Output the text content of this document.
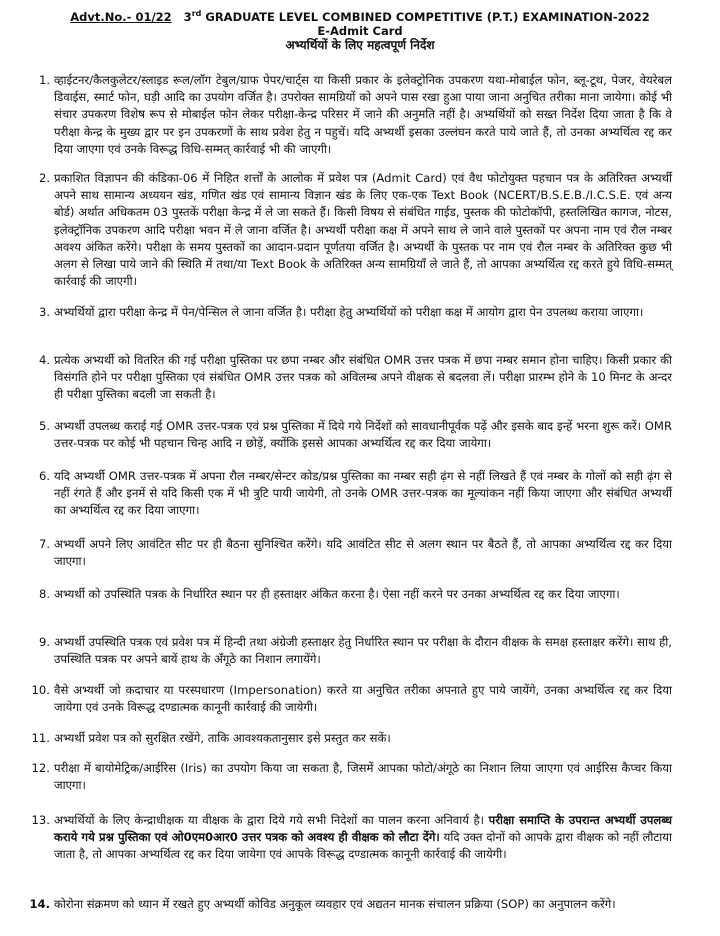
Advt.No.- 01/22 3rd GRADUATE LEVEL COMBINED COMPETITIVE (P.T.) EXAMINATION-2022
E-Admit Card
अभ्यर्थियों के लिए महत्वपूर्ण निर्देश
1. व्हाईटनर/कैलकुलेटर/स्लाइड रूल/लॉग टेबुल/ग्राफ पेपर/चार्ट्स या किसी प्रकार के इलेक्ट्रोनिक उपकरण यथा-मोबाईल फोन, ब्लू-टूथ, पेजर, वेयरेबल डिवाईस, स्मार्ट फोन, घड़ी आदि का उपयोग वर्जित है। उपरोक्त सामग्रियों को अपने पास रखा हुआ पाया जाना अनुचित तरीका माना जायेगा। कोई भी संचार उपकरण विशेष रूप से मोबाईल फोन लेकर परीक्षा-केन्द्र परिसर में जाने की अनुमति नहीं है। अभ्यर्थियों को सख्त निर्देश दिया जाता है कि वे परीक्षा केन्द्र के मुख्य द्वार पर इन उपकरणों के साथ प्रवेश हेतु न पहुचें। यदि अभ्यर्थी इसका उल्लंघन करते पाये जाते हैं, तो उनका अभ्यर्थित्व रद्द कर दिया जाएगा एवं उनके विरूद्ध विधि-सम्मत् कार्रवाई भी की जाएगी।
2. प्रकाशित विज्ञापन की कंडिका-06 में निहित शर्त्तों के आलोक में प्रवेश पत्र (Admit Card) एवं वैध फोटोयुक्त पहचान पत्र के अतिरिक्त अभ्यर्थी अपने साथ सामान्य अध्ययन खंड, गणित खंड एवं सामान्य विज्ञान खंड के लिए एक-एक Text Book (NCERT/B.S.E.B./I.C.S.E. एवं अन्य बोर्ड) अर्थात अधिकतम 03 पुस्तकें परीक्षा केन्द्र में ले जा सकते हैं। किसी विषय से संबंधित गाईड, पुस्तक की फोटोकॉपी, हस्तलिखित कागज, नोटस, इलेक्ट्रॉनिक उपकरण आदि परीक्षा भवन में ले जाना वर्जित है। अभ्यर्थी परीक्षा कक्ष में अपने साथ ले जाने वाले पुस्तकों पर अपना नाम एवं रौल नम्बर अवश्य अंकित करेंगे। परीक्षा के समय पुस्तकों का आदान-प्रदान पूर्णतया वर्जित है। अभ्यर्थी के पुस्तक पर नाम एवं रौल नम्बर के अतिरिक्त कुछ भी अलग से लिखा पाये जाने की स्थिति में तथा/या Text Book के अतिरिक्त अन्य सामग्रियाँ ले जाते हैं, तो आपका अभ्यर्थित्व रद्द करते हुये विधि-सम्मत् कार्रवाई की जाएगी।
3. अभ्यर्थियों द्वारा परीक्षा केन्द्र में पेन/पेन्सिल ले जाना वर्जित है। परीक्षा हेतु अभ्यर्थियों को परीक्षा कक्ष में आयोग द्वारा पेन उपलब्ध कराया जाएगा।
4. प्रत्येक अभ्यर्थी को वितरित की गई परीक्षा पुस्तिका पर छपा नम्बर और संबंधित OMR उत्तर पत्रक में छपा नम्बर समान होना चाहिए। किसी प्रकार की विसंगति होने पर परीक्षा पुस्तिका एवं संबंधित OMR उत्तर पत्रक को अविलम्ब अपने वीक्षक से बदलवा लें। परीक्षा प्रारम्भ होने के 10 मिनट के अन्दर ही परीक्षा पुस्तिका बदली जा सकती है।
5. अभ्यर्थी उपलब्ध कराई गई OMR उत्तर-पत्रक एवं प्रश्न पुस्तिका में दिये गये निर्देशों को सावधानीपूर्वक पढ़ें और इसके बाद इन्हें भरना शुरू करें। OMR उत्तर-पत्रक पर कोई भी पहचान चिन्ह आदि न छोड़ें, क्योंकि इससे आपका अभ्यर्थित्व रद्द कर दिया जायेगा।
6. यदि अभ्यर्थी OMR उत्तर-पत्रक में अपना रौल नम्बर/सेन्टर कोड/प्रश्न पुस्तिका का नम्बर सही ढ़ंग से नहीं लिखते हैं एवं नम्बर के गोलों को सही ढ़ंग से नहीं रंगते हैं और इनमें से यदि किसी एक में भी त्रुटि पायी जायेगी, तो उनके OMR उत्तर-पत्रक का मूल्यांकन नहीं किया जाएगा और संबंधित अभ्यर्थी का अभ्यर्थित्व रद्द कर दिया जाएगा।
7. अभ्यर्थी अपने लिए आवंटित सीट पर ही बैठना सुनिश्चित करेंगे। यदि आवंटित सीट से अलग स्थान पर बैठते हैं, तो आपका अभ्यर्थित्व रद्द कर दिया जाएगा।
8. अभ्यर्थी को उपस्थिति पत्रक के निर्धारित स्थान पर ही हस्ताक्षर अंकित करना है। ऐसा नहीं करने पर उनका अभ्यर्थित्व रद्द कर दिया जाएगा।
9. अभ्यर्थी उपस्थिति पत्रक एवं प्रवेश पत्र में हिन्दी तथा अंग्रेजी हस्ताक्षर हेतु निर्धारित स्थान पर परीक्षा के दौरान वीक्षक के समक्ष हस्ताक्षर करेंगे। साथ ही, उपस्थिति पत्रक पर अपने बायें हाथ के अँगूठे का निशान लगायेंगे।
10. वैसे अभ्यर्थी जो कदाचार या परस्पधारण (Impersonation) करते या अनुचित तरीका अपनाते हुए पाये जायेंगे, उनका अभ्यर्थित्व रद्द कर दिया जायेगा एवं उनके विरूद्ध दण्डात्मक कानूनी कार्रवाई की जायेगी।
11. अभ्यर्थी प्रवेश पत्र को सुरक्षित रखेंगे, ताकि आवश्यकतानुसार इसे प्रस्तुत कर सकें।
12. परीक्षा में बायोमेट्रिक/आईरिस (Iris) का उपयोग किया जा सकता है, जिसमें आपका फोटो/अंगूठे का निशान लिया जाएगा एवं आईरिस कैप्चर किया जाएगा।
13. अभ्यर्थियों के लिए केन्द्राधीक्षक या वीक्षक के द्वारा दिये गये सभी निदेशों का पालन करना अनिवार्य है। परीक्षा समाप्ति के उपरान्त अभ्यर्थी उपलब्ध कराये गये प्रश्न पुस्तिका एवं ओ0एम0आर0 उत्तर पत्रक को अवश्य ही वीक्षक को लौटा देंगे। यदि उक्त दोनों को आपके द्वारा वीक्षक को नहीं लौटाया जाता है, तो आपका अभ्यर्थित्व रद्द कर दिया जायेगा एवं आपके विरूद्ध दण्डात्मक कानूनी कार्रवाई की जायेगी।
14. कोरोना संक्रमण को ध्यान में रखते हुए अभ्यर्थी कोविड अनुकूल व्यवहार एवं अद्यतन मानक संचालन प्रक्रिया (SOP) का अनुपालन करेंगे।
